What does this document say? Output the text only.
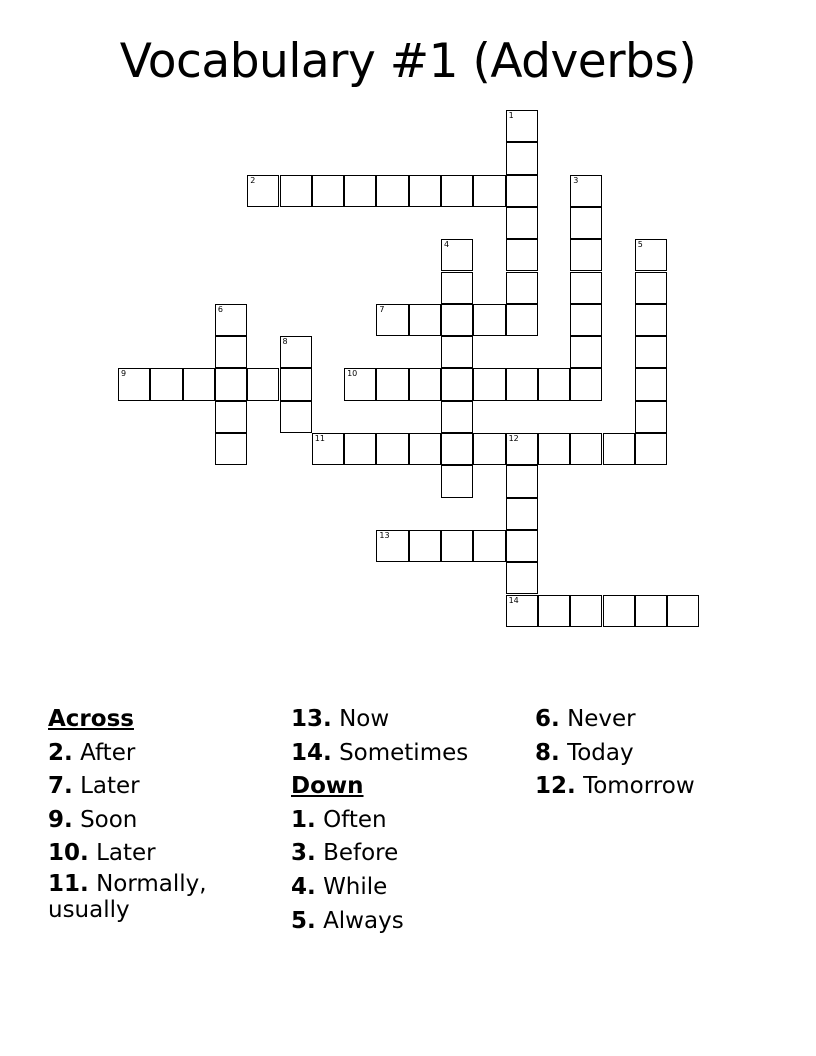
Vocabulary #1 (Adverbs)
1
2	3
4	5
6	7
8
9	10
11	12
14
13
Across
2. After
7. Later
9. Soon
10. Later
11. Normally, usually
13. Now
14. Sometimes
Down
1. Often
3. Before
4. While
5. Always
6. Never
8. Today
12. Tomorrow
